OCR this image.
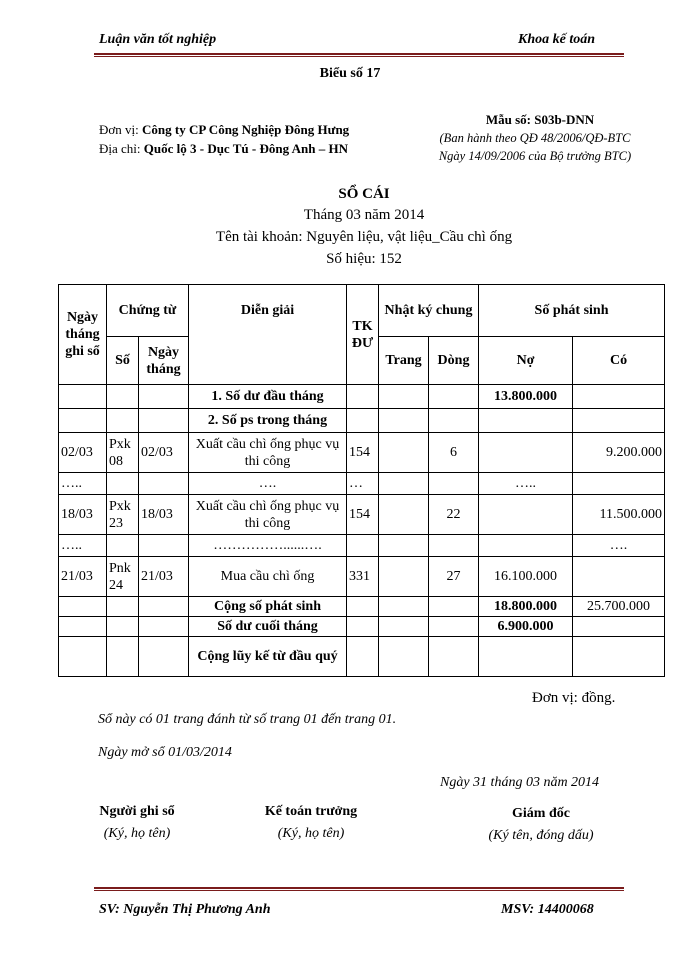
Luận văn tốt nghiệp	Khoa kế toán
Biểu số 17
Đơn vị: Công ty CP Công Nghiệp Đông Hưng
Địa chỉ: Quốc lộ 3 - Dục Tú - Đông Anh – HN
Mẫu số: S03b-DNN
(Ban hành theo QĐ 48/2006/QĐ-BTC
Ngày 14/09/2006 của Bộ trưởng BTC)
SỔ CÁI
Tháng 03 năm 2014
Tên tài khoản: Nguyên liệu, vật liệu_Cầu chì ống
Số hiệu: 152
Ngày tháng ghi sổ	Chứng từ		Diễn giải	TK ĐƯ	Nhật ký chung		Số phát sinh	
	Số	Ngày tháng			Trang	Dòng	Nợ	Có
			1. Số dư đầu tháng				13.800.000	
			2. Số ps trong tháng					
02/03	Pxk 08	02/03	Xuất cầu chì ống phục vụ thi công	154		6		9.200.000
…..			….	…			…..	
18/03	Pxk 23	18/03	Xuất cầu chì ống phục vụ thi công	154		22		11.500.000
…..			……………......….					….
21/03	Pnk 24	21/03	Mua cầu chì ống	331		27	16.100.000	
			Cộng số phát sinh				18.800.000	25.700.000
			Số dư cuối tháng				6.900.000	
			Cộng lũy kế từ đầu quý					
Đơn vị: đồng.
Sổ này có 01 trang đánh từ số trang 01 đến trang 01.
Ngày mở sổ 01/03/2014
Ngày 31 tháng 03 năm 2014
Người ghi sổ
(Ký, họ tên)
Kế toán trưởng
(Ký, họ tên)
Giám đốc
(Ký tên, đóng dấu)
SV: Nguyễn Thị Phương Anh	MSV: 14400068
